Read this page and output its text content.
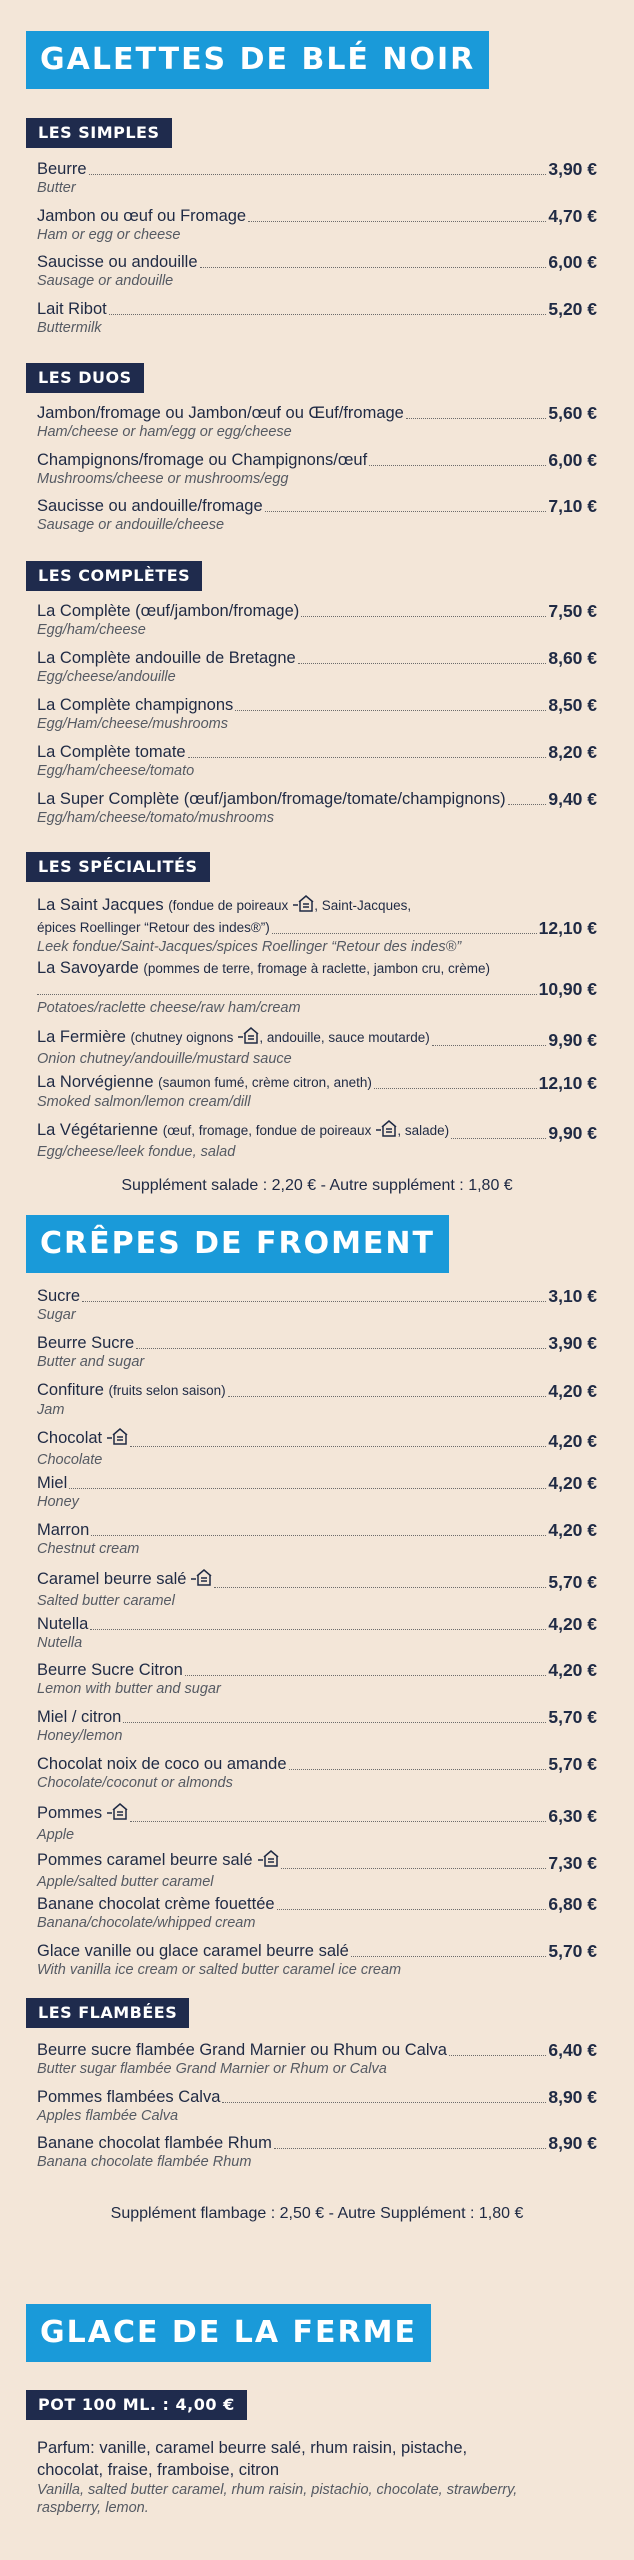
GALETTES DE BLÉ NOIR
LES SIMPLES
Beurre	3,90 €
Butter
Jambon ou œuf ou Fromage	4,70 €
Ham or egg or cheese
Saucisse ou andouille	6,00 €
Sausage or andouille
Lait Ribot	5,20 €
Buttermilk
LES DUOS
Jambon/fromage ou Jambon/œuf ou Œuf/fromage	5,60 €
Ham/cheese or ham/egg or egg/cheese
Champignons/fromage ou Champignons/œuf	6,00 €
Mushrooms/cheese or mushrooms/egg
Saucisse ou andouille/fromage	7,10 €
Sausage or andouille/cheese
LES COMPLÈTES
La Complète (œuf/jambon/fromage)	7,50 €
Egg/ham/cheese
La Complète andouille de Bretagne	8,60 €
Egg/cheese/andouille
La Complète champignons	8,50 €
Egg/Ham/cheese/mushrooms
La Complète tomate	8,20 €
Egg/ham/cheese/tomato
La Super Complète (œuf/jambon/fromage/tomate/champignons) 9,40 €
Egg/ham/cheese/tomato/mushrooms
LES SPÉCIALITÉS
La Saint Jacques (fondue de poireaux , Saint-Jacques,
épices Roellinger “Retour des indes®”)	12,10 €
Leek fondue/Saint-Jacques/spices Roellinger “Retour des indes®”
La Savoyarde (pommes de terre, fromage à raclette, jambon cru, crème)
10,90 €
Potatoes/raclette cheese/raw ham/cream
La Fermière (chutney oignons , andouille, sauce moutarde)	9,90 €
Onion chutney/andouille/mustard sauce
La Norvégienne (saumon fumé, crème citron, aneth)	12,10 €
Smoked salmon/lemon cream/dill
La Végétarienne (œuf, fromage, fondue de poireaux , salade)	9,90 €
Egg/cheese/leek fondue, salad
Supplément salade : 2,20 € - Autre supplément : 1,80 €
CRÊPES DE FROMENT
Sucre	3,10 €
Sugar
Beurre Sucre	3,90 €
Butter and sugar
Confiture (fruits selon saison)	4,20 €
Jam
Chocolat	4,20 €
Chocolate
Miel	4,20 €
Honey
Marron	4,20 €
Chestnut cream
Caramel beurre salé	5,70 €
Salted butter caramel
Nutella	4,20 €
Nutella
Beurre Sucre Citron	4,20 €
Lemon with butter and sugar
Miel / citron	5,70 €
Honey/lemon
Chocolat noix de coco ou amande	5,70 €
Chocolate/coconut or almonds
Pommes	6,30 €
Apple
Pommes caramel beurre salé	7,30 €
Apple/salted butter caramel
Banane chocolat crème fouettée	6,80 €
Banana/chocolate/whipped cream
Glace vanille ou glace caramel beurre salé	5,70 €
With vanilla ice cream or salted butter caramel ice cream
LES FLAMBÉES
Beurre sucre flambée Grand Marnier ou Rhum ou Calva	6,40 €
Butter sugar flambée Grand Marnier or Rhum or Calva
Pommes flambées Calva	8,90 €
Apples flambée Calva
Banane chocolat flambée Rhum	8,90 €
Banana chocolate flambée Rhum
Supplément flambage : 2,50 € - Autre Supplément : 1,80 €
GLACE DE LA FERME
POT 100 ML. : 4,00 €
Parfum: vanille, caramel beurre salé, rhum raisin, pistache,
chocolat, fraise, framboise, citron
Vanilla, salted butter caramel, rhum raisin, pistachio, chocolate, strawberry,
raspberry, lemon.
